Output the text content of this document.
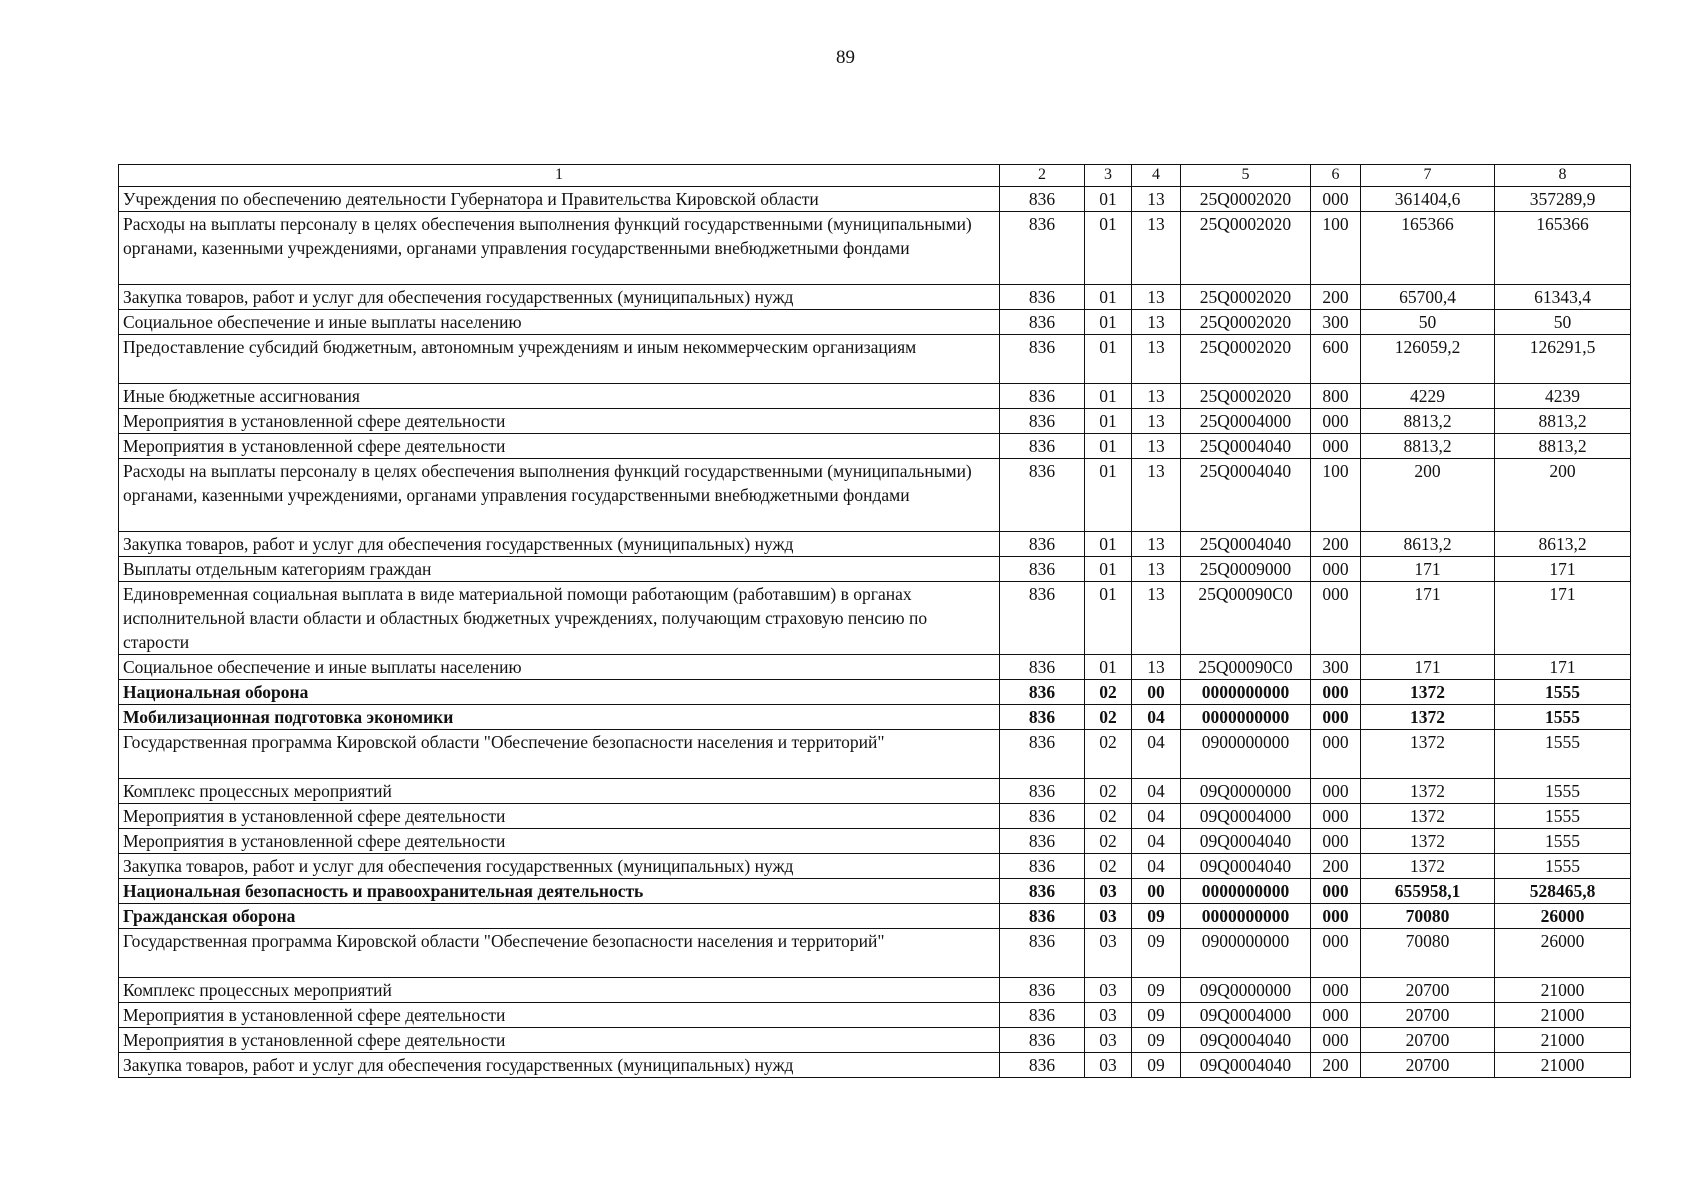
89
1	2	3	4	5	6	7	8
Учреждения по обеспечению деятельности Губернатора и Правительства Кировской области	836	01	13	25Q0002020	000	361404,6	357289,9
Расходы на выплаты персоналу в целях обеспечения выполнения функций государственными (муниципальными) органами, казенными учреждениями, органами управления государственными внебюджетными фондами	836	01	13	25Q0002020	100	165366	165366
Закупка товаров, работ и услуг для обеспечения государственных (муниципальных) нужд	836	01	13	25Q0002020	200	65700,4	61343,4
Социальное обеспечение и иные выплаты населению	836	01	13	25Q0002020	300	50	50
Предоставление субсидий бюджетным, автономным учреждениям и иным некоммерческим организациям	836	01	13	25Q0002020	600	126059,2	126291,5
Иные бюджетные ассигнования	836	01	13	25Q0002020	800	4229	4239
Мероприятия в установленной сфере деятельности	836	01	13	25Q0004000	000	8813,2	8813,2
Мероприятия в установленной сфере деятельности	836	01	13	25Q0004040	000	8813,2	8813,2
Расходы на выплаты персоналу в целях обеспечения выполнения функций государственными (муниципальными) органами, казенными учреждениями, органами управления государственными внебюджетными фондами	836	01	13	25Q0004040	100	200	200
Закупка товаров, работ и услуг для обеспечения государственных (муниципальных) нужд	836	01	13	25Q0004040	200	8613,2	8613,2
Выплаты отдельным категориям граждан	836	01	13	25Q0009000	000	171	171
Единовременная социальная выплата в виде материальной помощи работающим (работавшим) в органах исполнительной власти области и областных бюджетных учреждениях, получающим страховую пенсию по старости	836	01	13	25Q00090C0	000	171	171
Социальное обеспечение и иные выплаты населению	836	01	13	25Q00090C0	300	171	171
Национальная оборона	836	02	00	0000000000	000	1372	1555
Мобилизационная подготовка экономики	836	02	04	0000000000	000	1372	1555
Государственная программа Кировской области "Обеспечение безопасности населения и территорий"	836	02	04	0900000000	000	1372	1555
Комплекс процессных мероприятий	836	02	04	09Q0000000	000	1372	1555
Мероприятия в установленной сфере деятельности	836	02	04	09Q0004000	000	1372	1555
Мероприятия в установленной сфере деятельности	836	02	04	09Q0004040	000	1372	1555
Закупка товаров, работ и услуг для обеспечения государственных (муниципальных) нужд	836	02	04	09Q0004040	200	1372	1555
Национальная безопасность и правоохранительная деятельность	836	03	00	0000000000	000	655958,1	528465,8
Гражданская оборона	836	03	09	0000000000	000	70080	26000
Государственная программа Кировской области "Обеспечение безопасности населения и территорий"	836	03	09	0900000000	000	70080	26000
Комплекс процессных мероприятий	836	03	09	09Q0000000	000	20700	21000
Мероприятия в установленной сфере деятельности	836	03	09	09Q0004000	000	20700	21000
Мероприятия в установленной сфере деятельности	836	03	09	09Q0004040	000	20700	21000
Закупка товаров, работ и услуг для обеспечения государственных (муниципальных) нужд	836	03	09	09Q0004040	200	20700	21000
